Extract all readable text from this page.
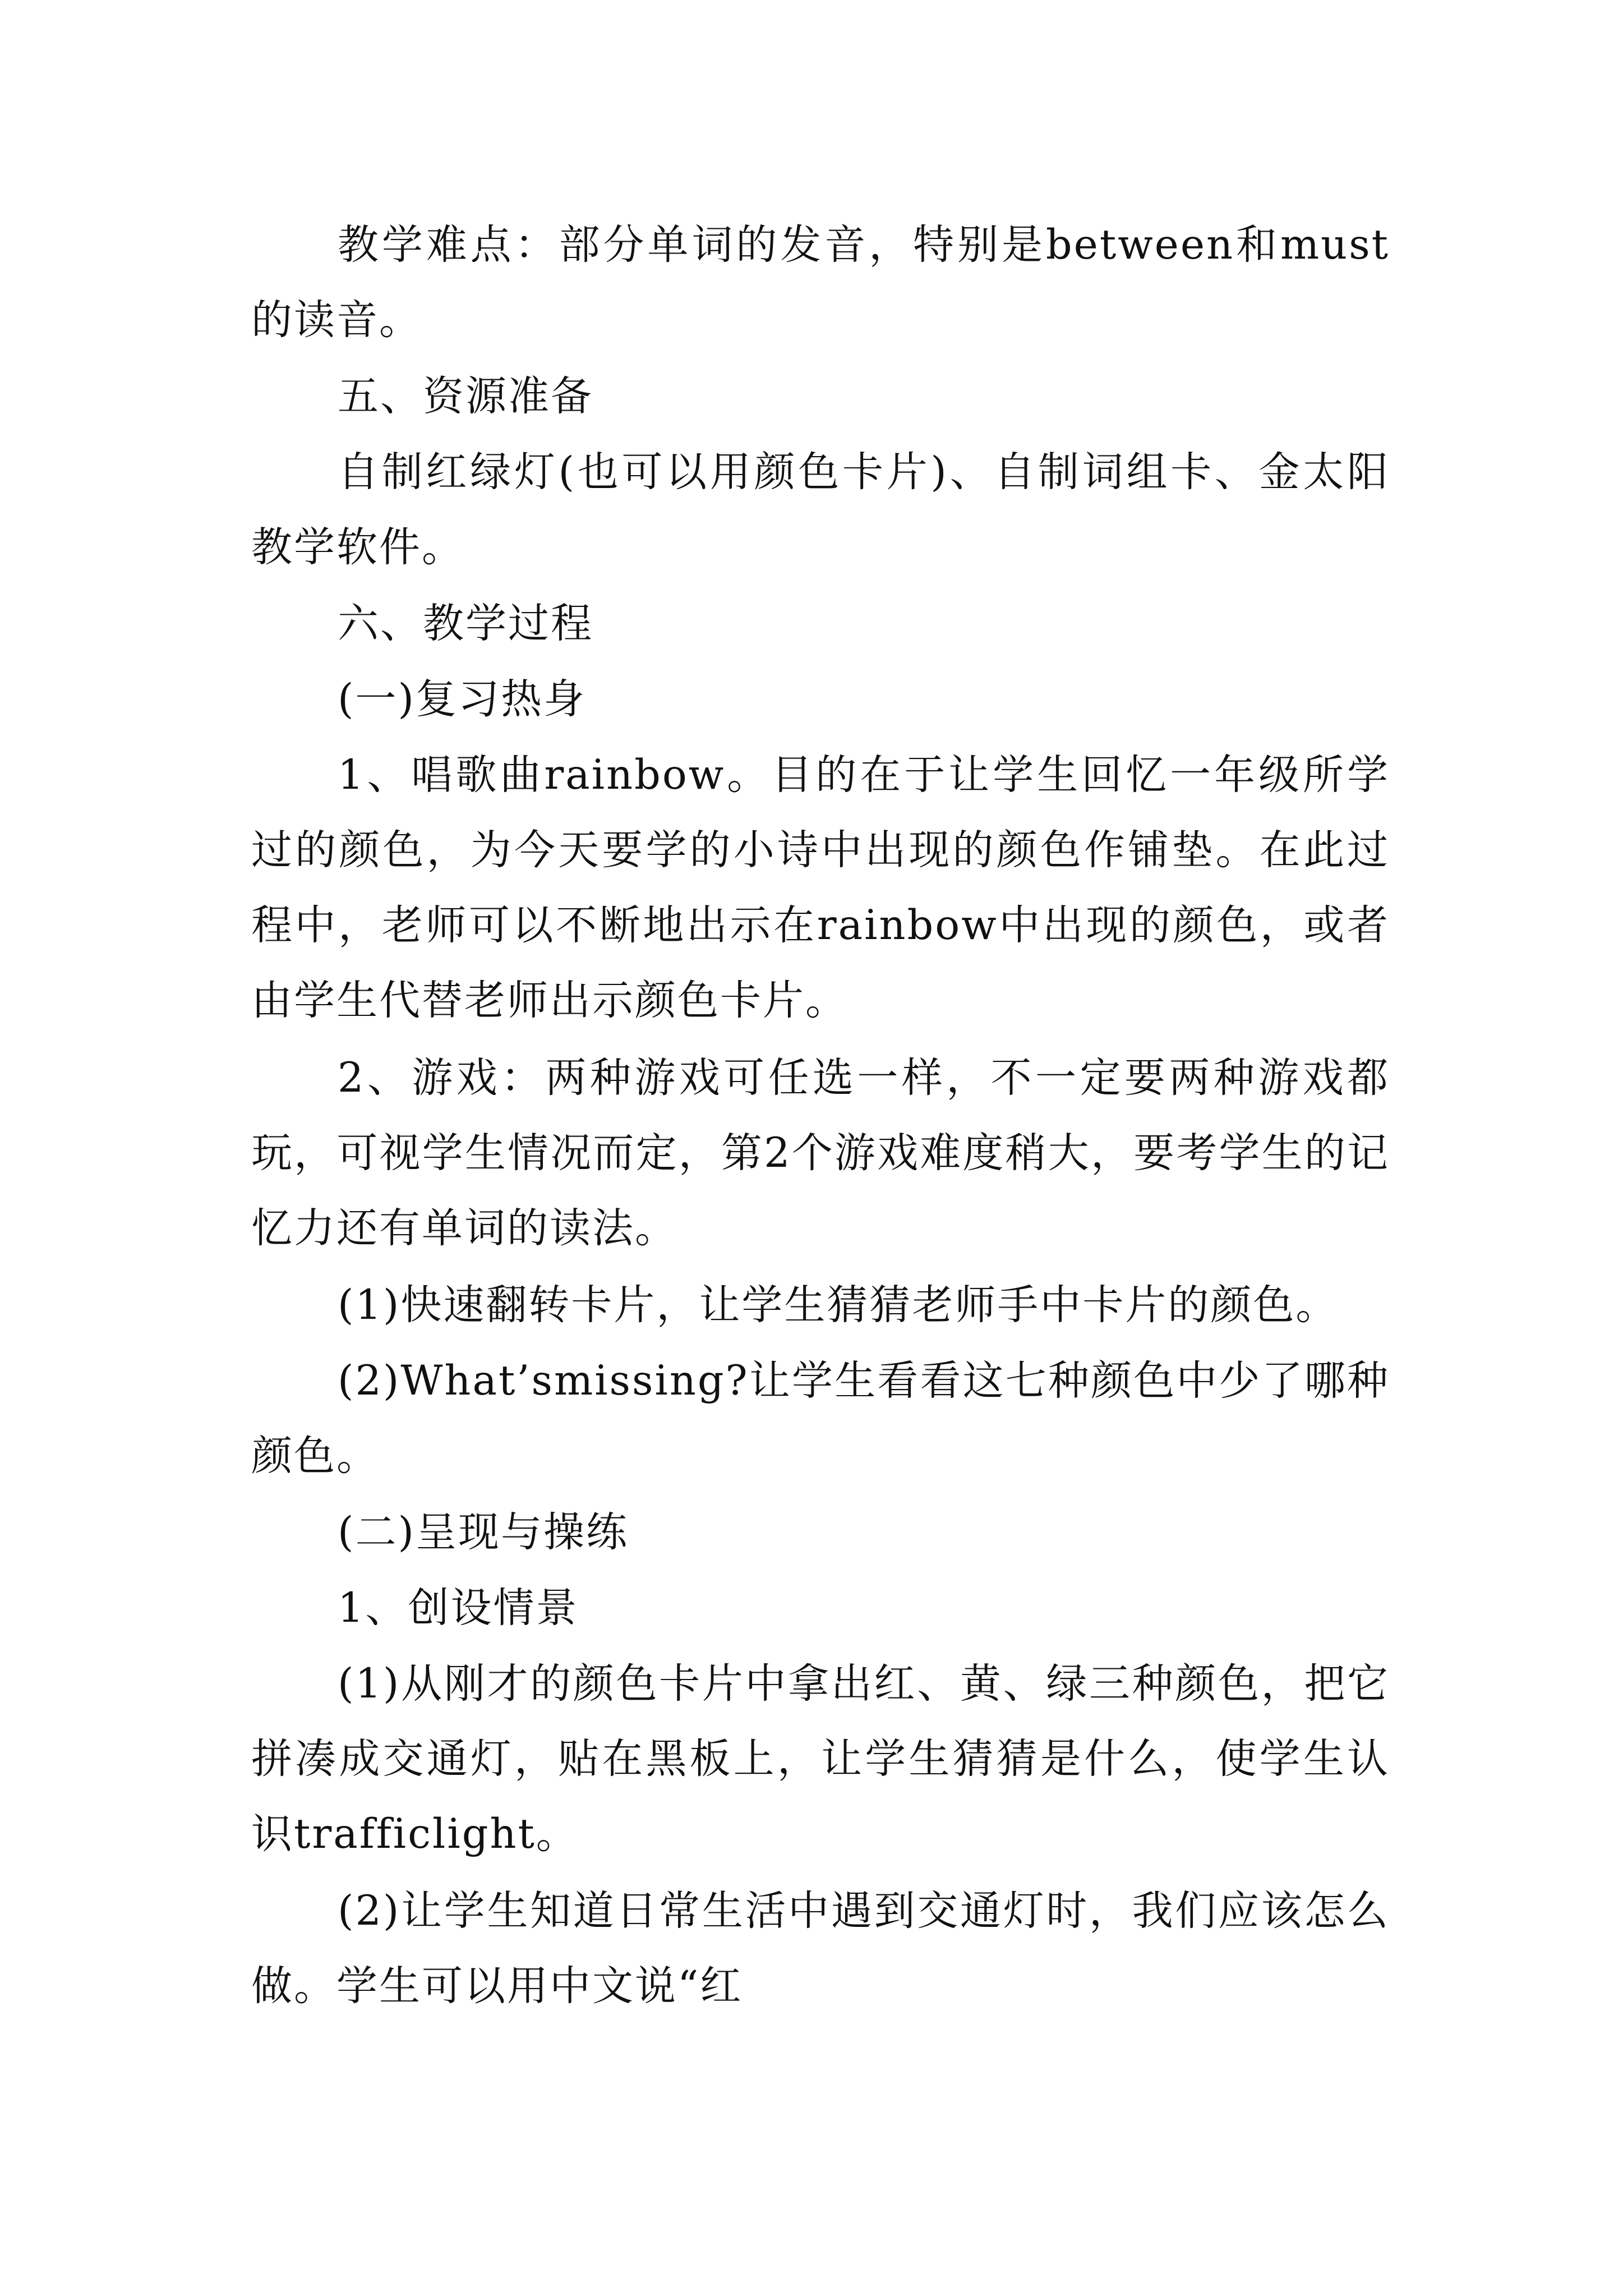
教学难点：部分单词的发音，特别是between和must的读音。

五、资源准备

自制红绿灯(也可以用颜色卡片)、自制词组卡、金太阳教学软件。

六、教学过程

(一)复习热身

1、唱歌曲rainbow。目的在于让学生回忆一年级所学过的颜色，为今天要学的小诗中出现的颜色作铺垫。在此过程中，老师可以不断地出示在rainbow中出现的颜色，或者由学生代替老师出示颜色卡片。

2、游戏：两种游戏可任选一样，不一定要两种游戏都玩，可视学生情况而定，第2个游戏难度稍大，要考学生的记忆力还有单词的读法。

(1)快速翻转卡片，让学生猜猜老师手中卡片的颜色。

(2)What’smissing?让学生看看这七种颜色中少了哪种颜色。

(二)呈现与操练

1、创设情景

(1)从刚才的颜色卡片中拿出红、黄、绿三种颜色，把它拼凑成交通灯，贴在黑板上，让学生猜猜是什么，使学生认识trafficlight。

(2)让学生知道日常生活中遇到交通灯时，我们应该怎么做。学生可以用中文说“红
